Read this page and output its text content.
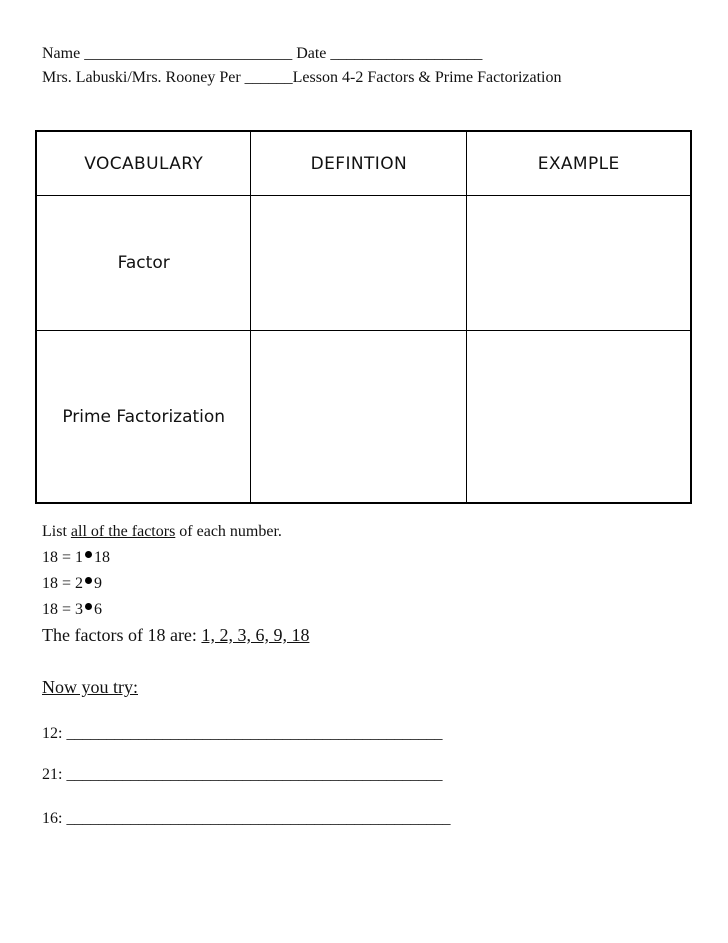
Name __________________________ Date ___________________
Mrs. Labuski/Mrs. Rooney Per ______Lesson 4-2 Factors & Prime Factorization
VOCABULARY	DEFINTION	EXAMPLE
Factor		
Prime Factorization		
List all of the factors of each number.
18 = 1 18
18 = 2 9
18 = 3 6
The factors of 18 are: 1, 2, 3, 6, 9, 18
Now you try:
12: _______________________________________________
21: _______________________________________________
16: ________________________________________________
